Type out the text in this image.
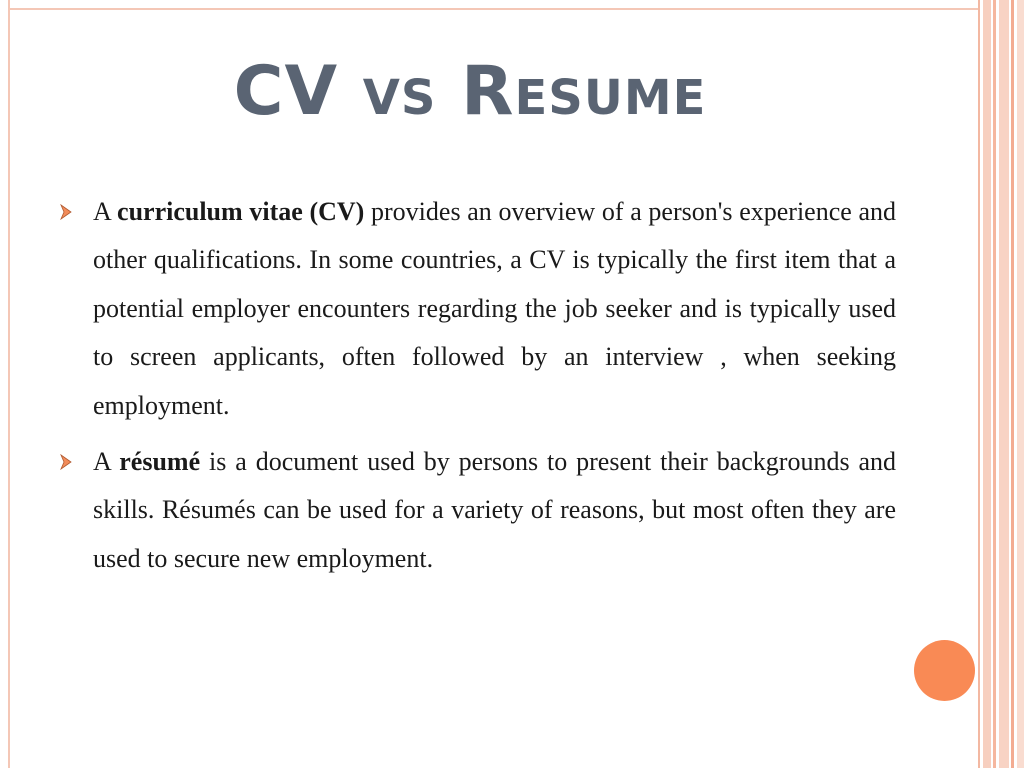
CV vs Resume

A curriculum vitae (CV) provides an overview of a person's experience and other qualifications. In some countries, a CV is typically the first item that a potential employer encounters regarding the job seeker and is typically used to screen applicants, often followed by an interview , when seeking employment.

A résumé is a document used by persons to present their backgrounds and skills. Résumés can be used for a variety of reasons, but most often they are used to secure new employment.
